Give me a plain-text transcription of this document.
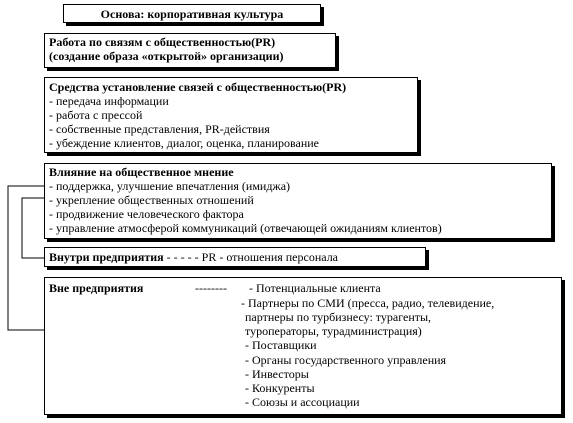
Основа: корпоративная культура
Работа по связям с общественностью(PR)
(создание образа «открытой» организации)
Средства установление связей с общественностью(PR)
- передача информации
- работа с прессой
- собственные представления, PR-действия
- убеждение клиентов, диалог, оценка, планирование
Влияние на общественное мнение
- поддержка, улучшение впечатления (имиджа)
- укрепление общественных отношений
- продвижение человеческого фактора
- управление атмосферой коммуникаций (отвечающей ожиданиям клиентов)
Внутри предприятия - - - - - PR - отношения персонала
Вне предприятия	-------- - Потенциальные клиента
- Партнеры по СМИ (пресса, радио, телевидение,
партнеры по турбизнесу: турагенты,
туроператоры, турадминистрация)
- Поставщики
- Органы государственного управления
- Инвесторы
- Конкуренты
- Союзы и ассоциации
